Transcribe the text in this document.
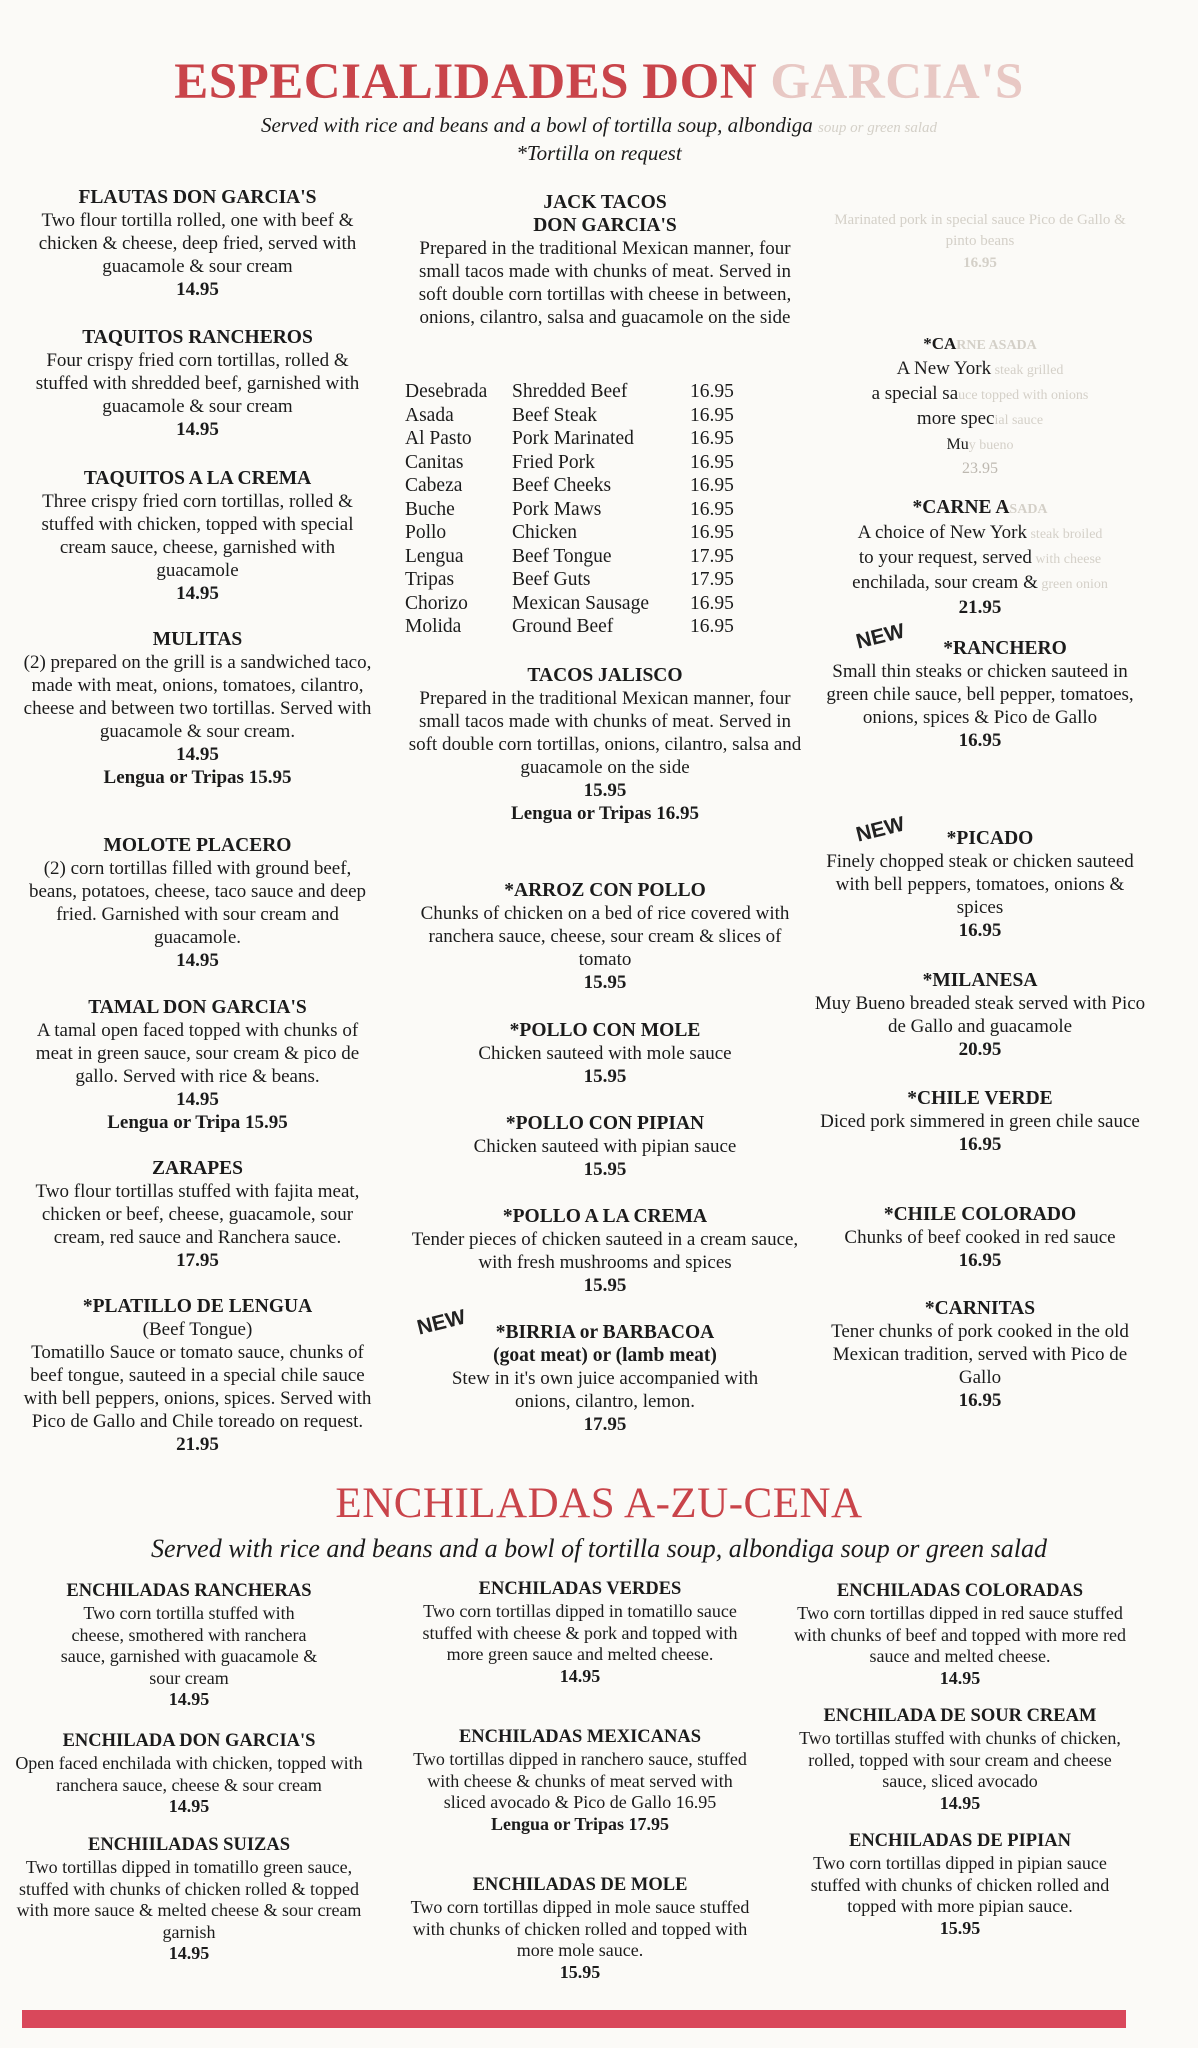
ESPECIALIDADES DON GARCIA'S
Served with rice and beans and a bowl of tortilla soup, albondiga soup or green salad
*Tortilla on request
FLAUTAS DON GARCIA'S
Two flour tortilla rolled, one with beef & chicken & cheese, deep fried, served with guacamole & sour cream
14.95
TAQUITOS RANCHEROS
Four crispy fried corn tortillas, rolled & stuffed with shredded beef, garnished with guacamole & sour cream
14.95
TAQUITOS A LA CREMA
Three crispy fried corn tortillas, rolled & stuffed with chicken, topped with special cream sauce, cheese, garnished with guacamole
14.95
MULITAS
(2) prepared on the grill is a sandwiched taco, made with meat, onions, tomatoes, cilantro, cheese and between two tortillas. Served with guacamole & sour cream.
14.95
Lengua or Tripas 15.95
MOLOTE PLACERO
(2) corn tortillas filled with ground beef, beans, potatoes, cheese, taco sauce and deep fried. Garnished with sour cream and guacamole.
14.95
TAMAL DON GARCIA'S
A tamal open faced topped with chunks of meat in green sauce, sour cream & pico de gallo. Served with rice & beans.
14.95
Lengua or Tripa 15.95
ZARAPES
Two flour tortillas stuffed with fajita meat, chicken or beef, cheese, guacamole, sour cream, red sauce and Ranchera sauce.
17.95
*PLATILLO DE LENGUA
(Beef Tongue)
Tomatillo Sauce or tomato sauce, chunks of beef tongue, sauteed in a special chile sauce with bell peppers, onions, spices. Served with Pico de Gallo and Chile toreado on request.
21.95
JACK TACOS
DON GARCIA'S
Prepared in the traditional Mexican manner, four small tacos made with chunks of meat. Served in soft double corn tortillas with cheese in between, onions, cilantro, salsa and guacamole on the side
Desebrada	Shredded Beef	16.95
Asada	Beef Steak	16.95
Al Pasto	Pork Marinated	16.95
Canitas	Fried Pork	16.95
Cabeza	Beef Cheeks	16.95
Buche	Pork Maws	16.95
Pollo	Chicken	16.95
Lengua	Beef Tongue	17.95
Tripas	Beef Guts	17.95
Chorizo	Mexican Sausage	16.95
Molida	Ground Beef	16.95
TACOS JALISCO
Prepared in the traditional Mexican manner, four small tacos made with chunks of meat. Served in soft double corn tortillas, onions, cilantro, salsa and guacamole on the side
15.95
Lengua or Tripas 16.95
*ARROZ CON POLLO
Chunks of chicken on a bed of rice covered with ranchera sauce, cheese, sour cream & slices of tomato
15.95
*POLLO CON MOLE
Chicken sauteed with mole sauce
15.95
*POLLO CON PIPIAN
Chicken sauteed with pipian sauce
15.95
*POLLO A LA CREMA
Tender pieces of chicken sauteed in a cream sauce, with fresh mushrooms and spices
15.95
NEW	*BIRRIA or BARBACOA
(goat meat) or (lamb meat)
Stew in it's own juice accompanied with onions, cilantro, lemon.
17.95
Marinated pork in special sauce Pico de Gallo & pinto beans
16.95
*CARNE ASADA
A New York steak grilled
a special sauce topped with onions
more special sauce
Muy bueno
23.95
*CARNE ASADA
A choice of New York steak broiled
to your request, served with cheese
enchilada, sour cream & green onion
21.95
NEW	*RANCHERO
Small thin steaks or chicken sauteed in green chile sauce, bell pepper, tomatoes, onions, spices & Pico de Gallo
16.95
NEW	*PICADO
Finely chopped steak or chicken sauteed with bell peppers, tomatoes, onions & spices
16.95
*MILANESA
Muy Bueno breaded steak served with Pico de Gallo and guacamole
20.95
*CHILE VERDE
Diced pork simmered in green chile sauce
16.95
*CHILE COLORADO
Chunks of beef cooked in red sauce
16.95
*CARNITAS
Tener chunks of pork cooked in the old Mexican tradition, served with Pico de Gallo
16.95
ENCHILADAS A-ZU-CENA
Served with rice and beans and a bowl of tortilla soup, albondiga soup or green salad
ENCHILADAS RANCHERAS
Two corn tortilla stuffed with cheese, smothered with ranchera sauce, garnished with guacamole & sour cream
14.95
ENCHILADA DON GARCIA'S
Open faced enchilada with chicken, topped with ranchera sauce, cheese & sour cream
14.95
ENCHIILADAS SUIZAS
Two tortillas dipped in tomatillo green sauce, stuffed with chunks of chicken rolled & topped with more sauce & melted cheese & sour cream garnish
14.95
ENCHILADAS VERDES
Two corn tortillas dipped in tomatillo sauce stuffed with cheese & pork and topped with more green sauce and melted cheese.
14.95
ENCHILADAS MEXICANAS
Two tortillas dipped in ranchero sauce, stuffed with cheese & chunks of meat served with sliced avocado & Pico de Gallo 16.95
Lengua or Tripas 17.95
ENCHILADAS DE MOLE
Two corn tortillas dipped in mole sauce stuffed with chunks of chicken rolled and topped with more mole sauce.
15.95
ENCHILADAS COLORADAS
Two corn tortillas dipped in red sauce stuffed with chunks of beef and topped with more red sauce and melted cheese.
14.95
ENCHILADA DE SOUR CREAM
Two tortillas stuffed with chunks of chicken, rolled, topped with sour cream and cheese sauce, sliced avocado
14.95
ENCHILADAS DE PIPIAN
Two corn tortillas dipped in pipian sauce stuffed with chunks of chicken rolled and topped with more pipian sauce.
15.95
